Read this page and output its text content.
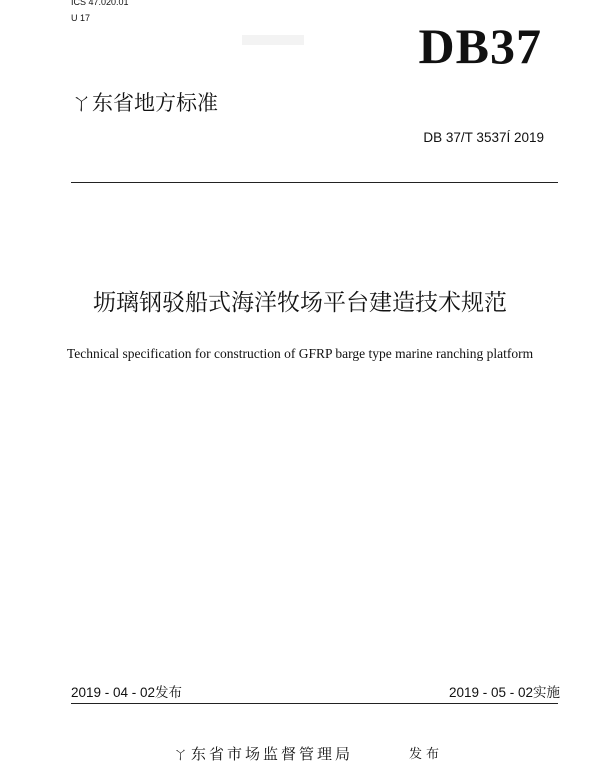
ICS 47.020.01
U 17	DB37
ㄚ东省地方标准
DB 37/T 3537Í 2019
坜璃钢驳船式海洋牧场平台建造技术规范
Technical specification for construction of GFRP barge type marine ranching platform
2019 - 04 - 02发布	2019 - 05 - 02实施
ㄚ东省市场监督管理局	发布
